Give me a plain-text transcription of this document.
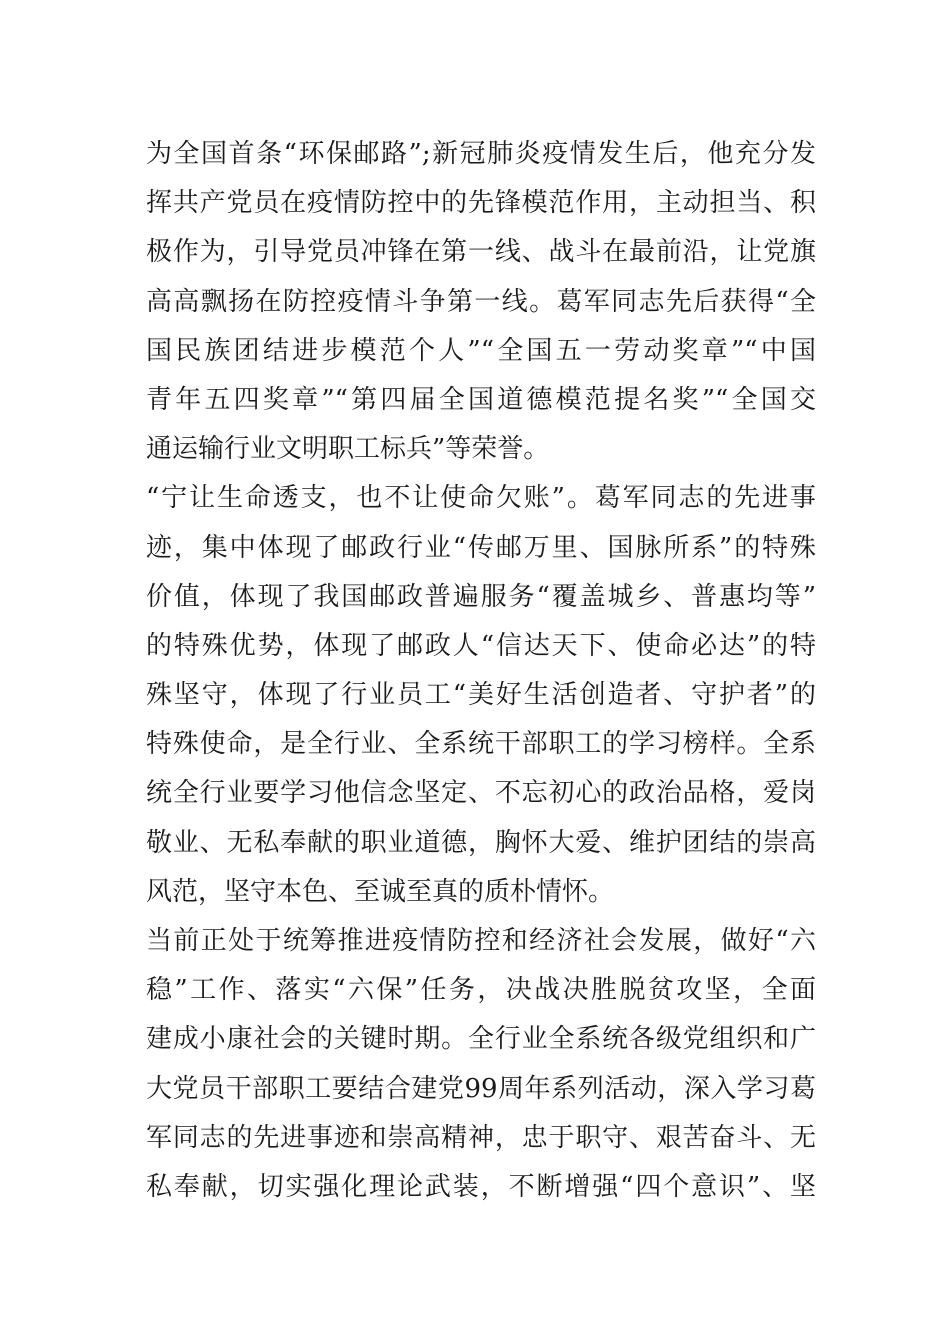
为全国首条“环保邮路”;新冠肺炎疫情发生后，他充分发
挥共产党员在疫情防控中的先锋模范作用，主动担当、积
极作为，引导党员冲锋在第一线、战斗在最前沿，让党旗
高高飘扬在防控疫情斗争第一线。葛军同志先后获得“全
国民族团结进步模范个人”“全国五一劳动奖章”“中国
青年五四奖章”“第四届全国道德模范提名奖”“全国交
通运输行业文明职工标兵”等荣誉。
“宁让生命透支，也不让使命欠账”。葛军同志的先进事
迹，集中体现了邮政行业“传邮万里、国脉所系”的特殊
价值，体现了我国邮政普遍服务“覆盖城乡、普惠均等”
的特殊优势，体现了邮政人“信达天下、使命必达”的特
殊坚守，体现了行业员工“美好生活创造者、守护者”的
特殊使命，是全行业、全系统干部职工的学习榜样。全系
统全行业要学习他信念坚定、不忘初心的政治品格，爱岗
敬业、无私奉献的职业道德，胸怀大爱、维护团结的崇高
风范，坚守本色、至诚至真的质朴情怀。
当前正处于统筹推进疫情防控和经济社会发展，做好“六
稳”工作、落实“六保”任务，决战决胜脱贫攻坚，全面
建成小康社会的关键时期。全行业全系统各级党组织和广
大党员干部职工要结合建党99周年系列活动，深入学习葛
军同志的先进事迹和崇高精神，忠于职守、艰苦奋斗、无
私奉献，切实强化理论武装，不断增强“四个意识”、坚
